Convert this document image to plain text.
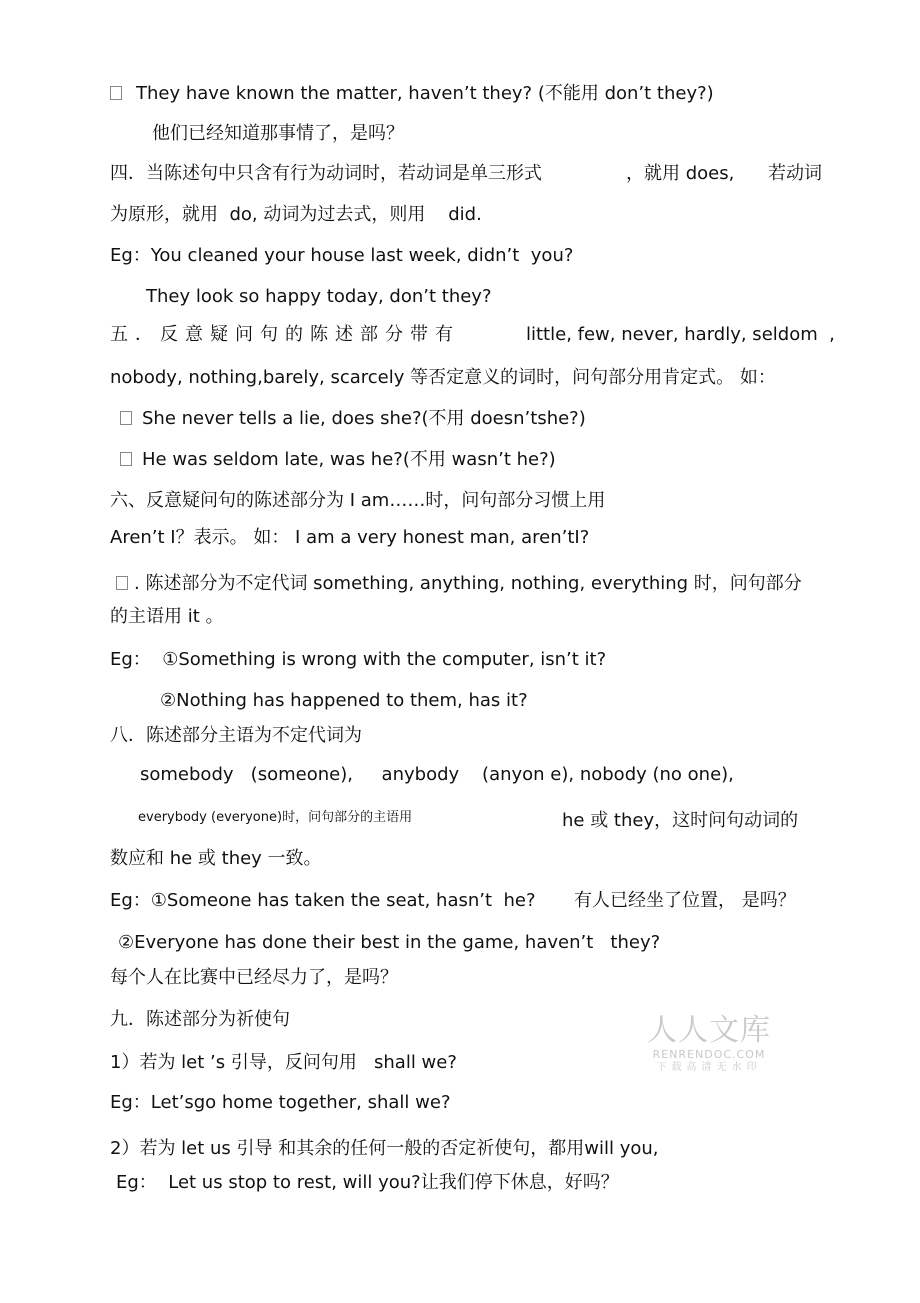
They have known the matter, haven’t they? (不能用 don’t they?)
他们已经知道那事情了，是吗？
四．当陈述句中只含有行为动词时，若动词是单三形式	，就用 does, 若动词
为原形，就用  do, 动词为过去式，则用    did.
Eg：You cleaned your house last week, didn’t  you?
They look so happy today, don’t they?
五．反意疑问句的陈述部分带有	little, few, never, hardly, seldom  ,
nobody, nothing,barely, scarcely 等否定意义的词时，问句部分用肯定式。 如：
She never tells a lie, does she?(不用 doesn’tshe?)
He was seldom late, was he?(不用 wasn’t he?)
六、反意疑问句的陈述部分为 I am……时，问句部分习惯上用
Aren’t I？表示。 如： I am a very honest man, aren’tI?
. 陈述部分为不定代词 something, anything, nothing, everything 时，问句部分
的主语用 it 。
Eg：  ①Something is wrong with the computer, isn’t it?
②Nothing has happened to them, has it?
八．陈述部分主语为不定代词为
somebody   (someone),     anybody    (anyon e), nobody (no one),
everybody (everyone)时，问句部分的主语用	he 或 they，这时问句动词的
数应和 he 或 they 一致。
Eg：①Someone has taken the seat, hasn’t  he? 有人已经坐了位置， 是吗？
②Everyone has done their best in the game, haven’t   they?
每个人在比赛中已经尽力了，是吗？
九．陈述部分为祈使句
1）若为 let ’s 引导，反问句用   shall we?
Eg：Let’sgo home together, shall we?
2）若为 let us 引导 和其余的任何一般的否定祈使句，都用will you,
Eg：  Let us stop to rest, will you?让我们停下休息，好吗？
人人文库
RENRENDOC.COM
下载高清无水印
